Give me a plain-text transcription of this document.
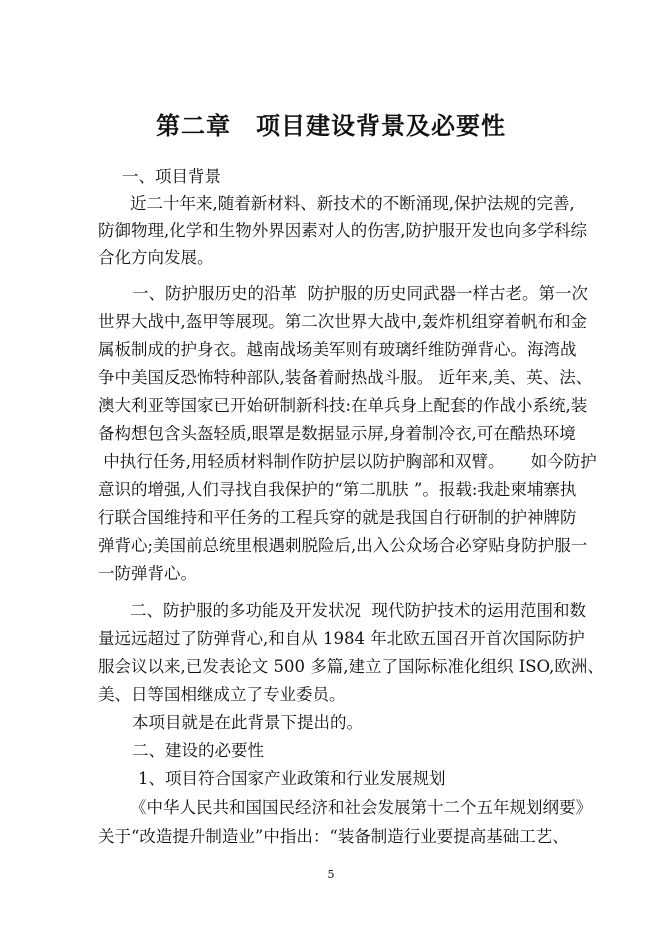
第二章　项目建设背景及必要性

一、项目背景

近二十年来,随着新材料、新技术的不断涌现,保护法规的完善,

防御物理,化学和生物外界因素对人的伤害,防护服开发也向多学科综

合化方向发展。

一、防护服历史的沿革  防护服的历史同武器一样古老。第一次

世界大战中,盔甲等展现。第二次世界大战中,轰炸机组穿着帆布和金

属板制成的护身衣。越南战场美军则有玻璃纤维防弹背心。海湾战

争中美国反恐怖特种部队,装备着耐热战斗服。 近年来,美、英、法、

澳大利亚等国家已开始研制新科技:在单兵身上配套的作战小系统,装

备构想包含头盔轻质,眼罩是数据显示屏,身着制冷衣,可在酷热环境

中执行任务,用轻质材料制作防护层以防护胸部和双臂。     如今防护

意识的增强,人们寻找自我保护的“第二肌肤 ”。报载:我赴柬埔寨执

行联合国维持和平任务的工程兵穿的就是我国自行研制的护神牌防

弹背心;美国前总统里根遇刺脱险后,出入公众场合必穿贴身防护服一

一防弹背心。

二、防护服的多功能及开发状况  现代防护技术的运用范围和数

量远远超过了防弹背心,和自从 1984 年北欧五国召开首次国际防护

服会议以来,已发表论文 500 多篇,建立了国际标准化组织 ISO,欧洲、

美、日等国相继成立了专业委员。

本项目就是在此背景下提出的。

二、建设的必要性

1、项目符合国家产业政策和行业发展规划

《中华人民共和国国民经济和社会发展第十二个五年规划纲要》

关于“改造提升制造业”中指出：“装备制造行业要提高基础工艺、

5
